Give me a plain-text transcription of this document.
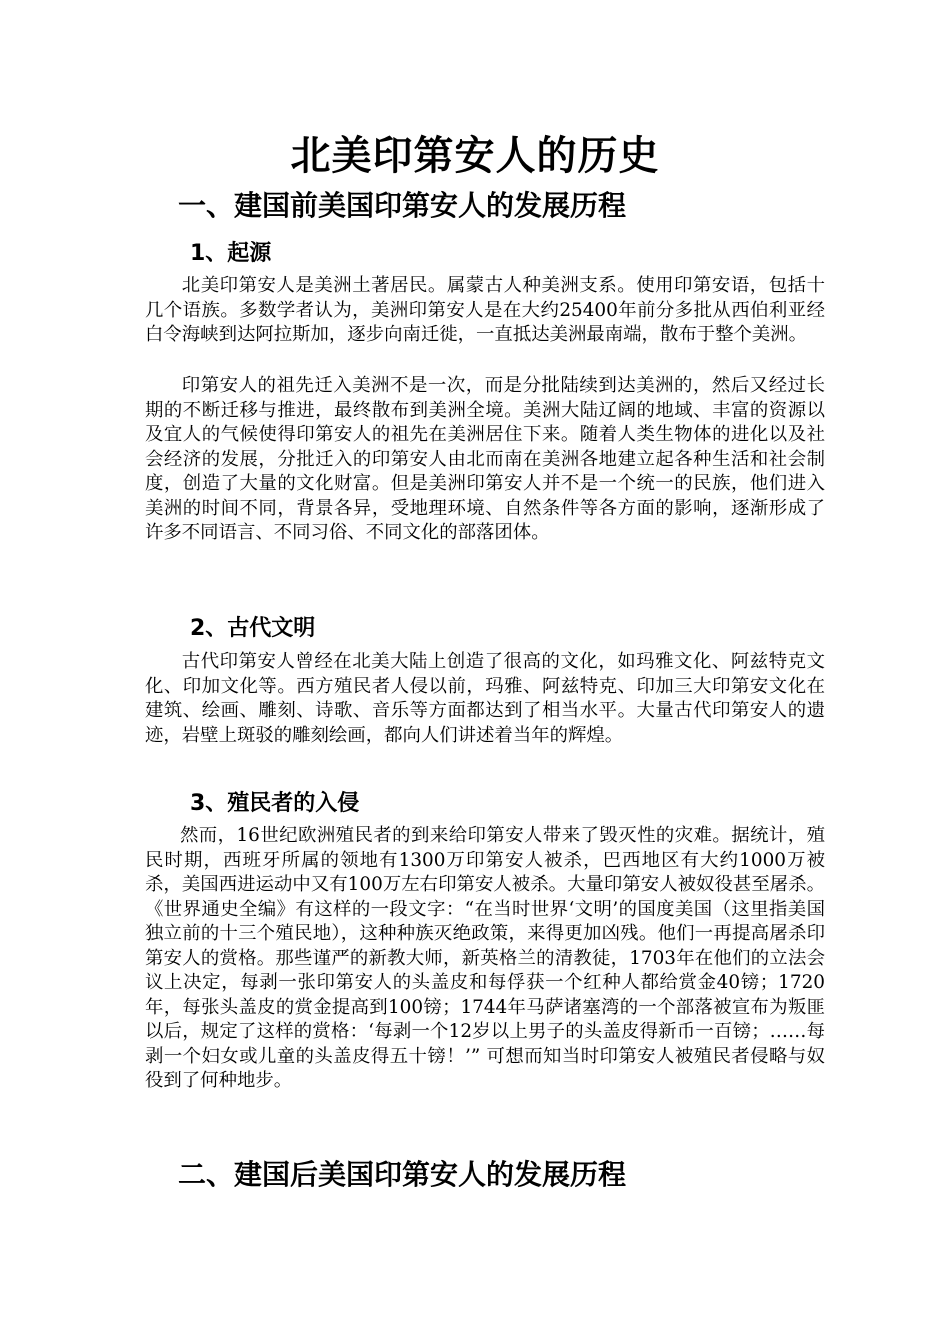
北美印第安人的历史
一、建国前美国印第安人的发展历程
1、起源
北美印第安人是美洲土著居民。属蒙古人种美洲支系。使用印第安语，包括十几个语族。多数学者认为，美洲印第安人是在大约25400年前分多批从西伯利亚经白令海峡到达阿拉斯加，逐步向南迁徙，一直抵达美洲最南端，散布于整个美洲。
印第安人的祖先迁入美洲不是一次，而是分批陆续到达美洲的，然后又经过长期的不断迁移与推进，最终散布到美洲全境。美洲大陆辽阔的地域、丰富的资源以及宜人的气候使得印第安人的祖先在美洲居住下来。随着人类生物体的进化以及社会经济的发展，分批迁入的印第安人由北而南在美洲各地建立起各种生活和社会制度，创造了大量的文化财富。但是美洲印第安人并不是一个统一的民族，他们进入美洲的时间不同，背景各异，受地理环境、自然条件等各方面的影响，逐渐形成了许多不同语言、不同习俗、不同文化的部落团体。
2、古代文明
古代印第安人曾经在北美大陆上创造了很高的文化，如玛雅文化、阿兹特克文化、印加文化等。西方殖民者人侵以前，玛雅、阿兹特克、印加三大印第安文化在建筑、绘画、雕刻、诗歌、音乐等方面都达到了相当水平。大量古代印第安人的遗迹，岩壁上斑驳的雕刻绘画，都向人们讲述着当年的辉煌。
3、殖民者的入侵
然而，16世纪欧洲殖民者的到来给印第安人带来了毁灭性的灾难。据统计，殖民时期，西班牙所属的领地有1300万印第安人被杀，巴西地区有大约1000万被杀，美国西进运动中又有100万左右印第安人被杀。大量印第安人被奴役甚至屠杀。《世界通史全编》有这样的一段文字：“在当时世界‘文明’的国度美国（这里指美国独立前的十三个殖民地），这种种族灭绝政策，来得更加凶残。他们一再提高屠杀印第安人的赏格。那些谨严的新教大师，新英格兰的清教徒，1703年在他们的立法会议上决定，每剥一张印第安人的头盖皮和每俘获一个红种人都给赏金40镑；1720年，每张头盖皮的赏金提高到100镑；1744年马萨诸塞湾的一个部落被宣布为叛匪以后，规定了这样的赏格：‘每剥一个12岁以上男子的头盖皮得新币一百镑；……每剥一个妇女或儿童的头盖皮得五十镑！’” 可想而知当时印第安人被殖民者侵略与奴役到了何种地步。
二、建国后美国印第安人的发展历程
